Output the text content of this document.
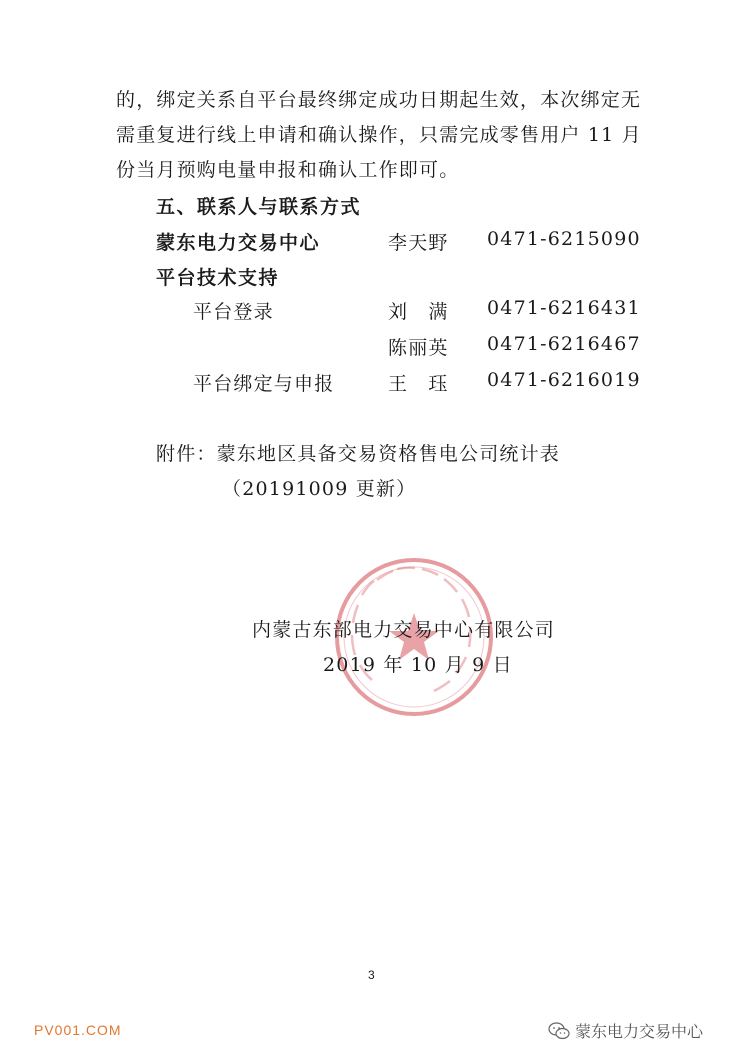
的，绑定关系自平台最终绑定成功日期起生效，本次绑定无
需重复进行线上申请和确认操作，只需完成零售用户 11 月
份当月预购电量申报和确认工作即可。
五、联系人与联系方式
蒙东电力交易中心	李天野 0471-6215090
平台技术支持
平台登录	刘　满 0471-6216431
陈丽英 0471-6216467
平台绑定与申报	王　珏 0471-6216019
附件：蒙东地区具备交易资格售电公司统计表
（20191009 更新）
内蒙古东部电力交易中心有限公司
2019 年 10 月 9 日
3
PV001.COM	蒙东电力交易中心
